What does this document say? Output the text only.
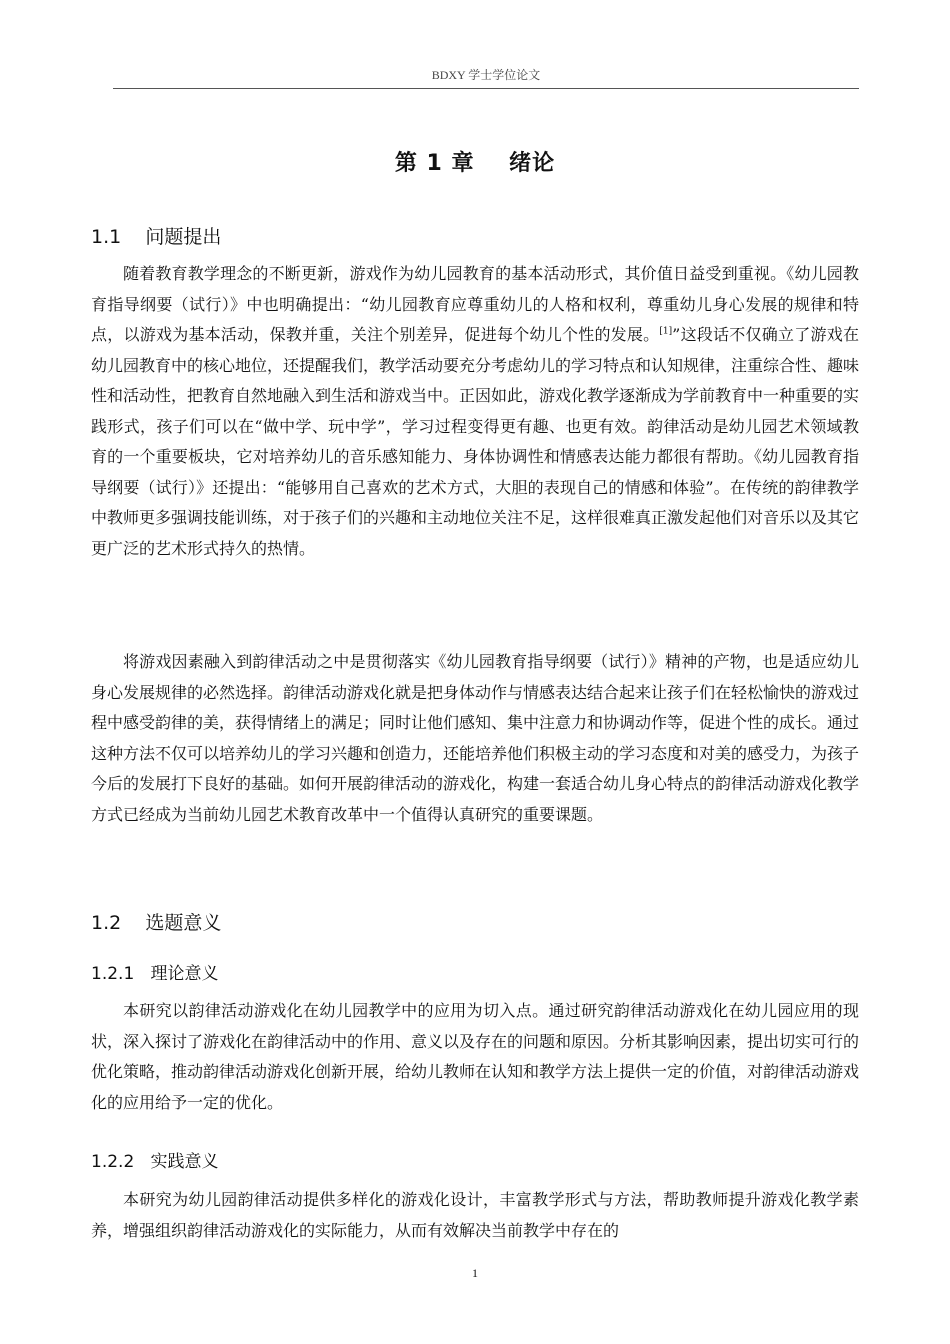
BDXY 学士学位论文
第 1 章 绪论
1.1 问题提出

随着教育教学理念的不断更新，游戏作为幼儿园教育的基本活动形式，其价值日益受到重视。《幼儿园教育指导纲要（试行）》中也明确提出：“幼儿园教育应尊重幼儿的人格和权利，尊重幼儿身心发展的规律和特点，以游戏为基本活动，保教并重，关注个别差异，促进每个幼儿个性的发展。[1]”这段话不仅确立了游戏在幼儿园教育中的核心地位，还提醒我们，教学活动要充分考虑幼儿的学习特点和认知规律，注重综合性、趣味性和活动性，把教育自然地融入到生活和游戏当中。正因如此，游戏化教学逐渐成为学前教育中一种重要的实践形式，孩子们可以在“做中学、玩中学”，学习过程变得更有趣、也更有效。韵律活动是幼儿园艺术领域教育的一个重要板块，它对培养幼儿的音乐感知能力、身体协调性和情感表达能力都很有帮助。《幼儿园教育指导纲要（试行）》还提出：“能够用自己喜欢的艺术方式，大胆的表现自己的情感和体验”。在传统的韵律教学中教师更多强调技能训练，对于孩子们的兴趣和主动地位关注不足，这样很难真正激发起他们对音乐以及其它更广泛的艺术形式持久的热情。

将游戏因素融入到韵律活动之中是贯彻落实《幼儿园教育指导纲要（试行）》精神的产物，也是适应幼儿身心发展规律的必然选择。韵律活动游戏化就是把身体动作与情感表达结合起来让孩子们在轻松愉快的游戏过程中感受韵律的美，获得情绪上的满足；同时让他们感知、集中注意力和协调动作等，促进个性的成长。通过这种方法不仅可以培养幼儿的学习兴趣和创造力，还能培养他们积极主动的学习态度和对美的感受力，为孩子今后的发展打下良好的基础。如何开展韵律活动的游戏化，构建一套适合幼儿身心特点的韵律活动游戏化教学方式已经成为当前幼儿园艺术教育改革中一个值得认真研究的重要课题。

1.2 选题意义
1.2.1 理论意义

本研究以韵律活动游戏化在幼儿园教学中的应用为切入点。通过研究韵律活动游戏化在幼儿园应用的现状，深入探讨了游戏化在韵律活动中的作用、意义以及存在的问题和原因。分析其影响因素，提出切实可行的优化策略，推动韵律活动游戏化创新开展，给幼儿教师在认知和教学方法上提供一定的价值，对韵律活动游戏化的应用给予一定的优化。

1.2.2 实践意义

本研究为幼儿园韵律活动提供多样化的游戏化设计，丰富教学形式与方法，帮助教师提升游戏化教学素养，增强组织韵律活动游戏化的实际能力，从而有效解决当前教学中存在的

1
